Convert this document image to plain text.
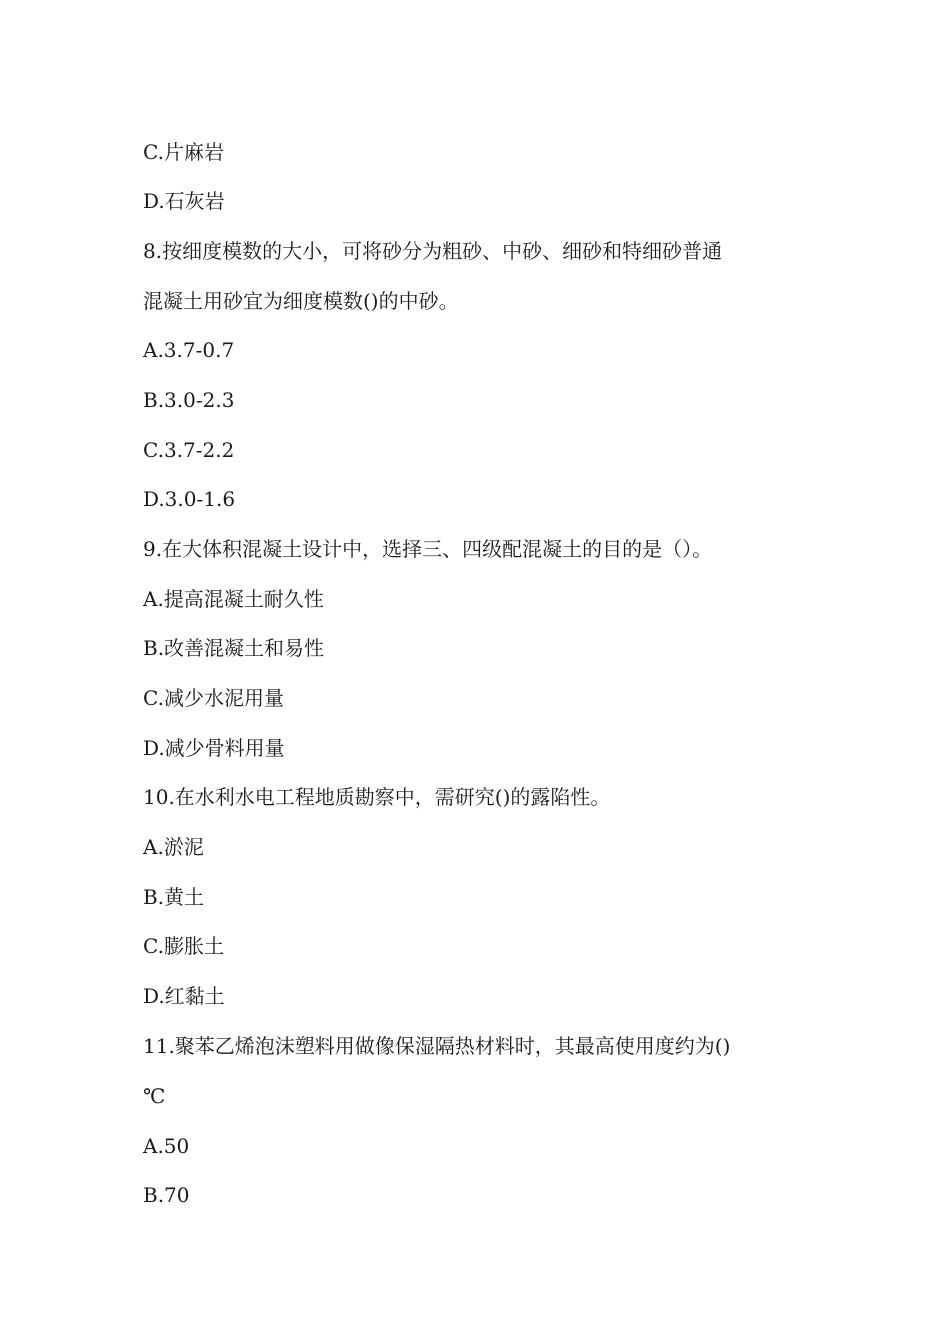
C.片麻岩
D.石灰岩
8.按细度模数的大小，可将砂分为粗砂、中砂、细砂和特细砂普通
混凝土用砂宜为细度模数()的中砂。
A.3.7-0.7
B.3.0-2.3
C.3.7-2.2
D.3.0-1.6
9.在大体积混凝土设计中，选择三、四级配混凝土的目的是（）。
A.提高混凝土耐久性
B.改善混凝土和易性
C.减少水泥用量
D.减少骨料用量
10.在水利水电工程地质勘察中，需研究()的露陷性。
A.淤泥
B.黄土
C.膨胀土
D.红黏土
11.聚苯乙烯泡沫塑料用做像保湿隔热材料时，其最高使用度约为()
℃
A.50
B.70
